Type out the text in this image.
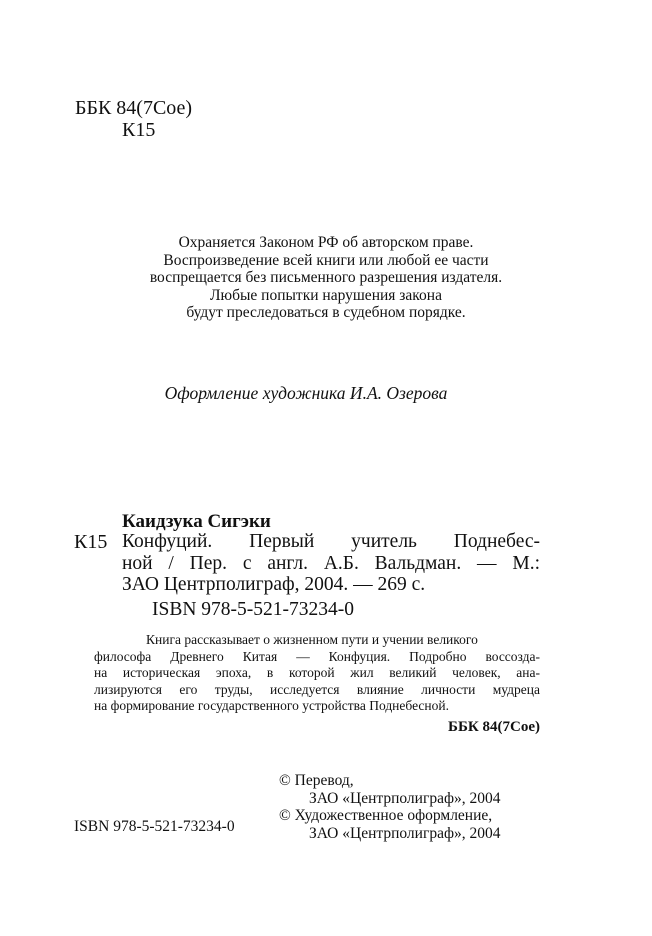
ББК 84(7Сое)
К15
Охраняется Законом РФ об авторском праве.
Воспроизведение всей книги или любой ее части
воспрещается без письменного разрешения издателя.
Любые попытки нарушения закона
будут преследоваться в судебном порядке.
Оформление художника И.А. Озерова
Каидзука Сигэки
К15 Конфуций. Первый учитель Поднебес-
ной / Пер. с англ. А.Б. Вальдман. — М.:
ЗАО Центрполиграф, 2004. — 269 с.
ISBN 978-5-521-73234-0
Книга рассказывает о жизненном пути и учении великого
философа Древнего Китая — Конфуция. Подробно воссозда-
на историческая эпоха, в которой жил великий человек, ана-
лизируются его труды, исследуется влияние личности мудреца
на формирование государственного устройства Поднебесной.
ББК 84(7Сое)
© Перевод,
ЗАО «Центрполиграф», 2004
© Художественное оформление,
ЗАО «Центрполиграф», 2004
ISBN 978-5-521-73234-0
